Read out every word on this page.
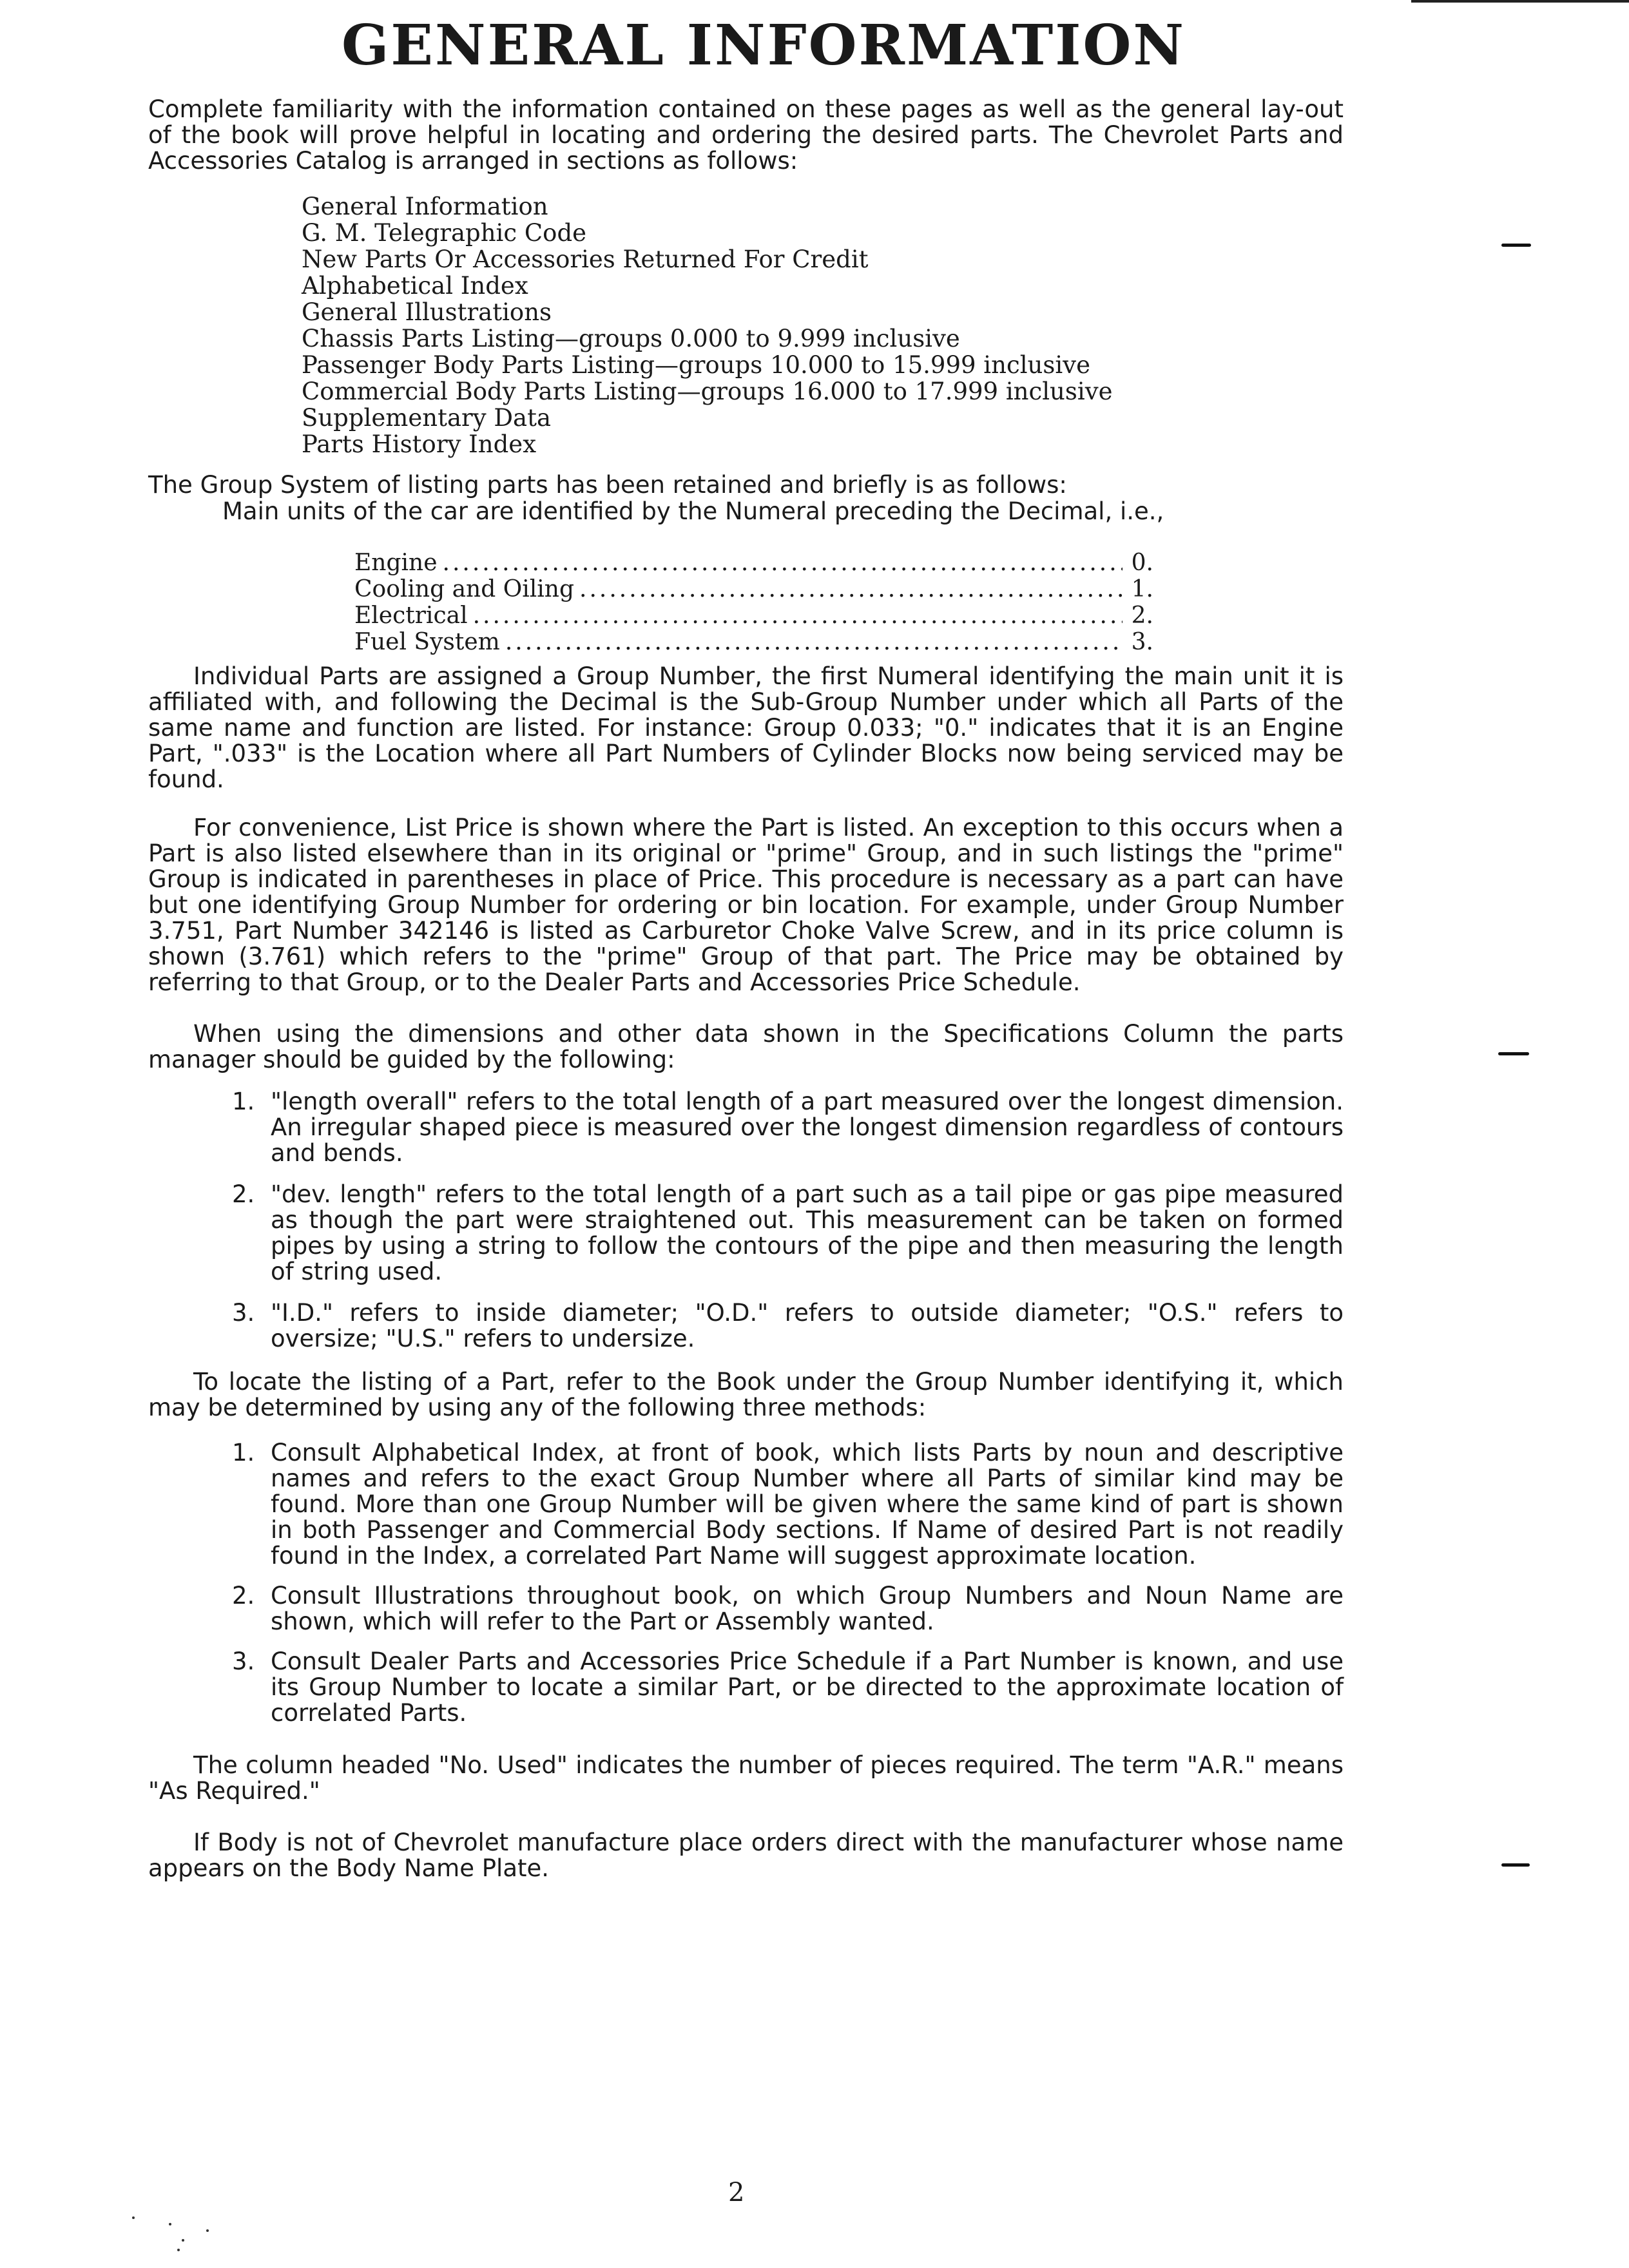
GENERAL INFORMATION

Complete familiarity with the information contained on these pages as well as the general lay-out of the book will prove helpful in locating and ordering the desired parts. The Chevrolet Parts and Accessories Catalog is arranged in sections as follows:

General Information
G. M. Telegraphic Code
New Parts Or Accessories Returned For Credit
Alphabetical Index
General Illustrations
Chassis Parts Listing—groups 0.000 to 9.999 inclusive
Passenger Body Parts Listing—groups 10.000 to 15.999 inclusive
Commercial Body Parts Listing—groups 16.000 to 17.999 inclusive
Supplementary Data
Parts History Index

The Group System of listing parts has been retained and briefly is as follows:

Main units of the car are identified by the Numeral preceding the Decimal, i.e.,

Engine .....	0.
Cooling and Oiling .....	1.
Electrical .....	2.
Fuel System .....	3.

Individual Parts are assigned a Group Number, the first Numeral identifying the main unit it is affiliated with, and following the Decimal is the Sub-Group Number under which all Parts of the same name and function are listed. For instance: Group 0.033; "0." indicates that it is an Engine Part, ".033" is the Location where all Part Numbers of Cylinder Blocks now being serviced may be found.

For convenience, List Price is shown where the Part is listed. An exception to this occurs when a Part is also listed elsewhere than in its original or "prime" Group, and in such listings the "prime" Group is indicated in parentheses in place of Price. This procedure is necessary as a part can have but one identifying Group Number for ordering or bin location. For example, under Group Number 3.751, Part Number 342146 is listed as Carburetor Choke Valve Screw, and in its price column is shown (3.761) which refers to the "prime" Group of that part. The Price may be obtained by referring to that Group, or to the Dealer Parts and Accessories Price Schedule.

When using the dimensions and other data shown in the Specifications Column the parts manager should be guided by the following:

1. "length overall" refers to the total length of a part measured over the longest dimension. An irregular shaped piece is measured over the longest dimension regardless of contours and bends.
2. "dev. length" refers to the total length of a part such as a tail pipe or gas pipe measured as though the part were straightened out. This measurement can be taken on formed pipes by using a string to follow the contours of the pipe and then measuring the length of string used.
3. "I.D." refers to inside diameter; "O.D." refers to outside diameter; "O.S." refers to oversize; "U.S." refers to undersize.

To locate the listing of a Part, refer to the Book under the Group Number identifying it, which may be determined by using any of the following three methods:

1. Consult Alphabetical Index, at front of book, which lists Parts by noun and descriptive names and refers to the exact Group Number where all Parts of similar kind may be found. More than one Group Number will be given where the same kind of part is shown in both Passenger and Commercial Body sections. If Name of desired Part is not readily found in the Index, a correlated Part Name will suggest approximate location.
2. Consult Illustrations throughout book, on which Group Numbers and Noun Name are shown, which will refer to the Part or Assembly wanted.
3. Consult Dealer Parts and Accessories Price Schedule if a Part Number is known, and use its Group Number to locate a similar Part, or be directed to the approximate location of correlated Parts.

The column headed "No. Used" indicates the number of pieces required. The term "A.R." means "As Required."

If Body is not of Chevrolet manufacture place orders direct with the manufacturer whose name appears on the Body Name Plate.

2
